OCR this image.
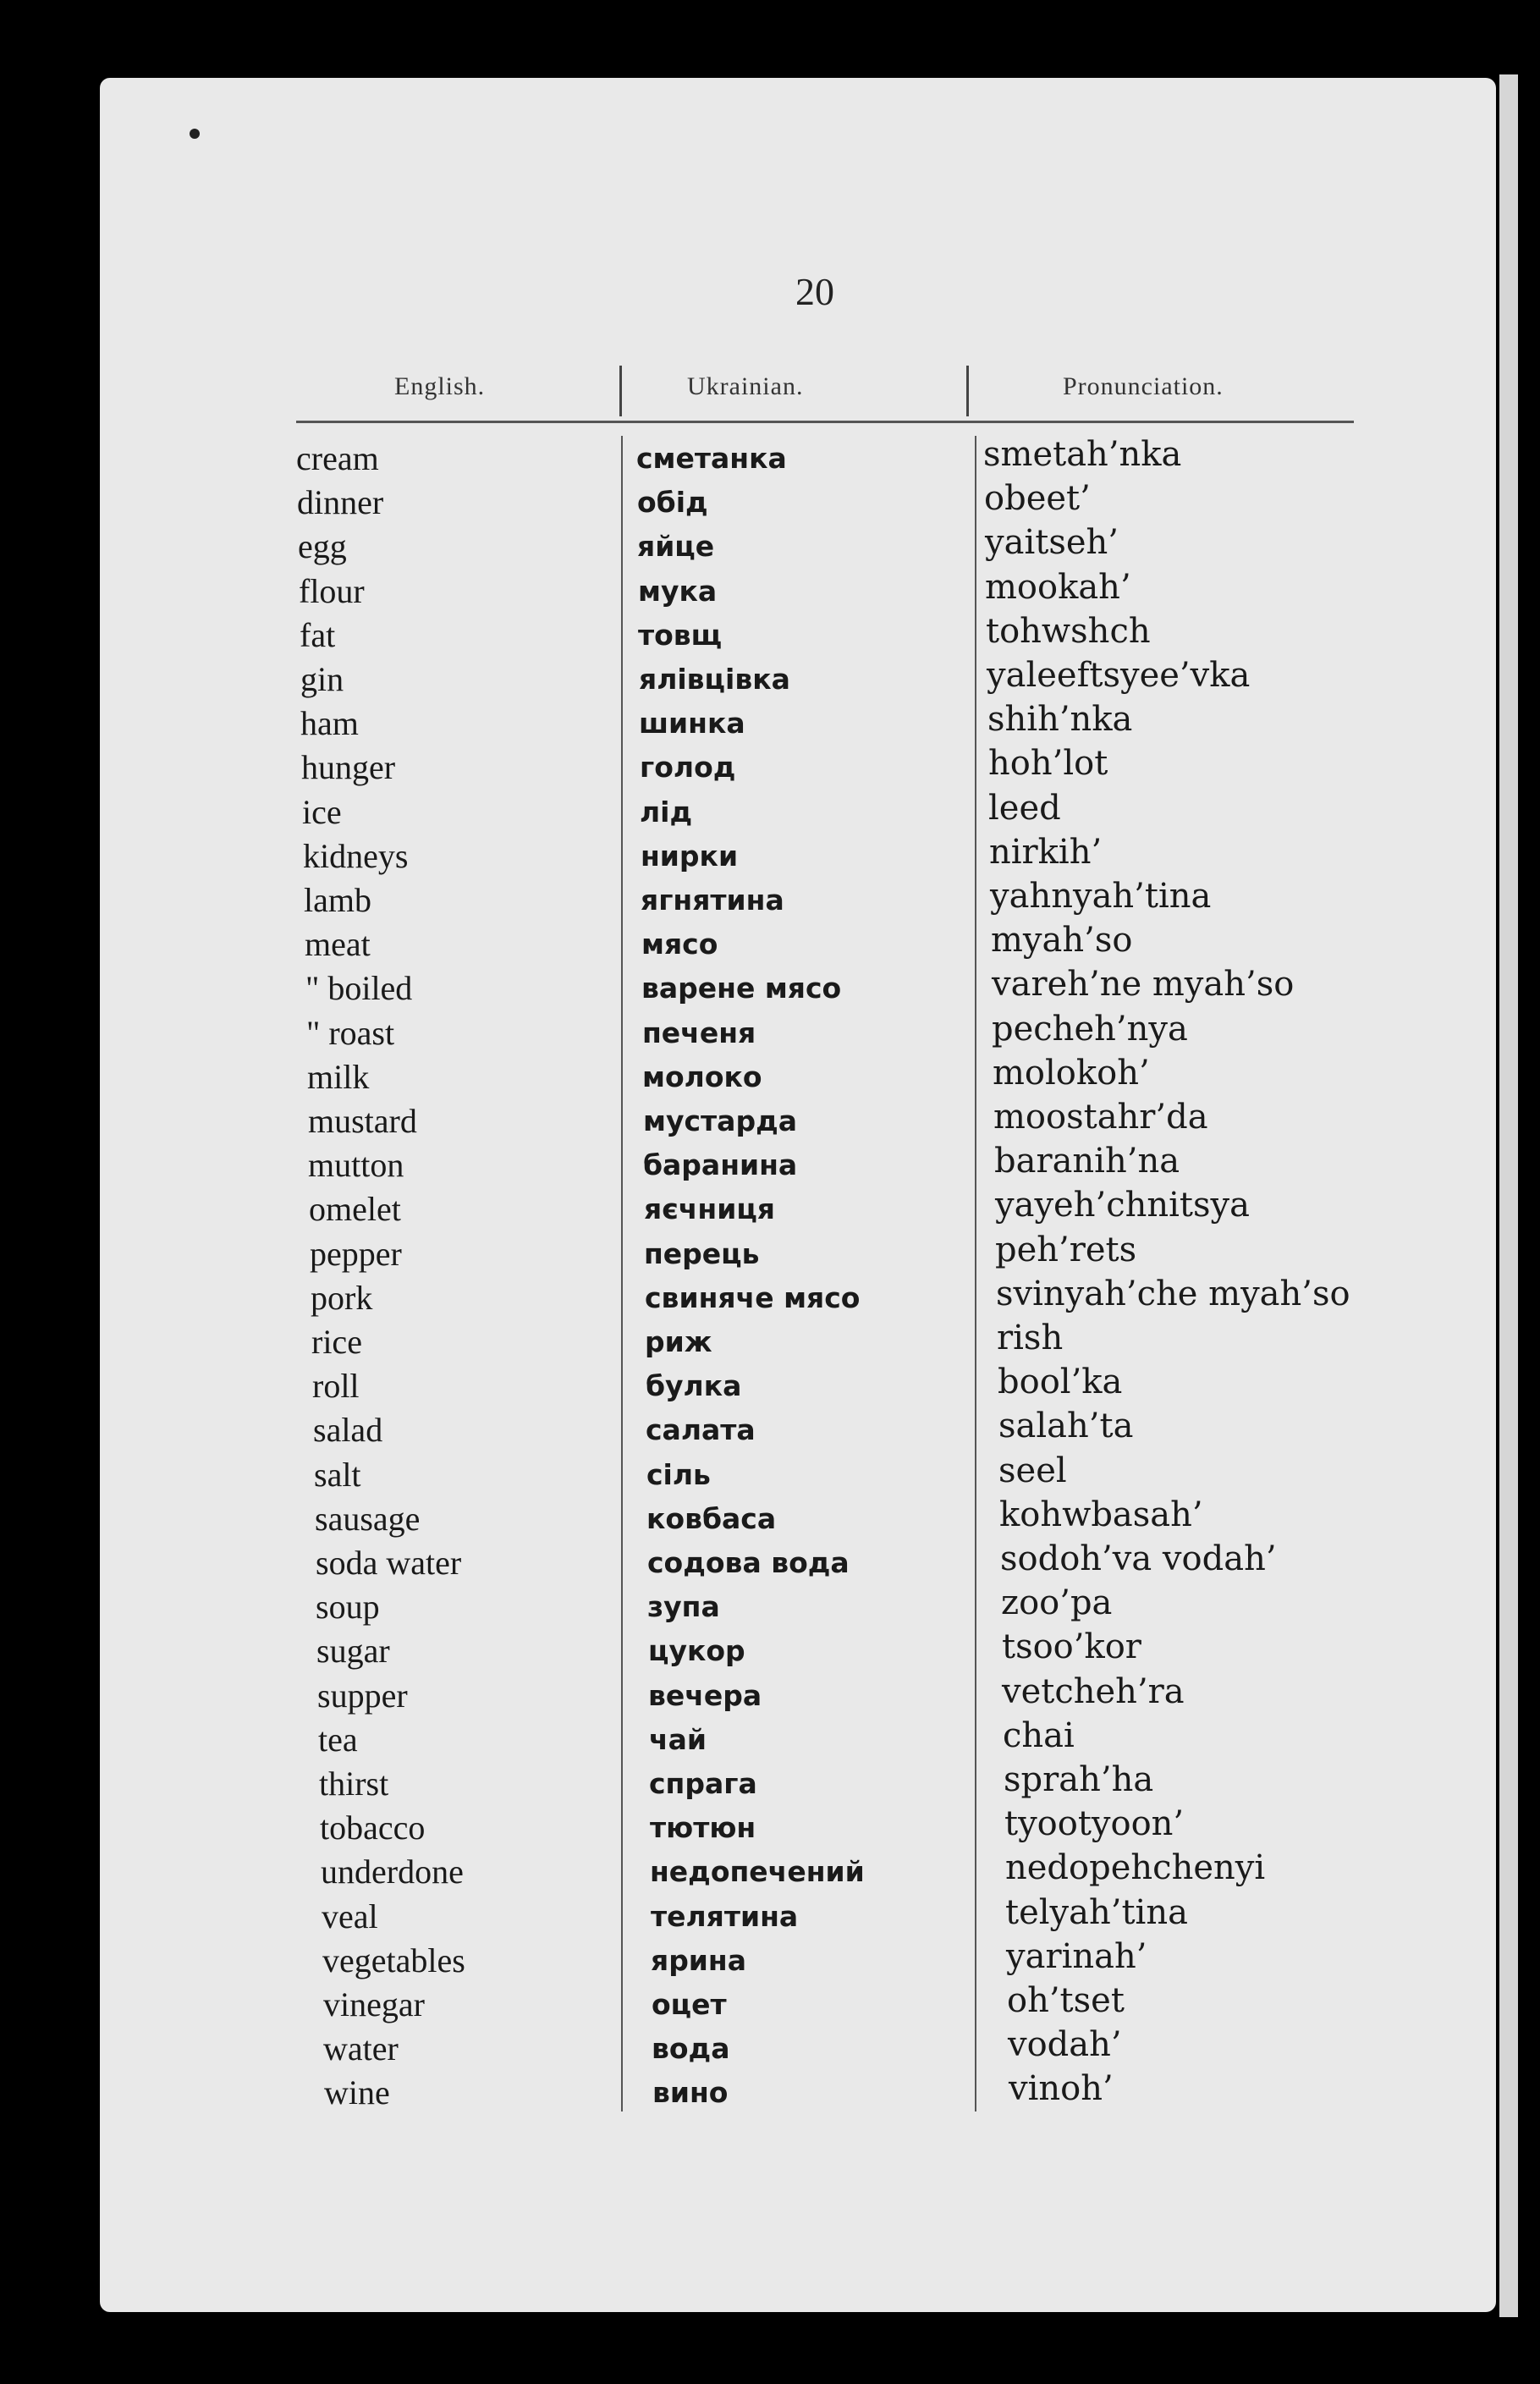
20
English.	Ukrainian.	Pronunciation.
cream	сметанка	smetah’nka
dinner	обід	obeet’
egg	яйце	yaitseh’
flour	мука	mookah’
fat	товщ	tohwshch
gin	ялівцівка	yaleeftsyee’vka
ham	шинка	shih’nka
hunger	голод	hoh’lot
ice	лід	leed
kidneys	нирки	nirkih’
lamb	ягнятина	yahnyah’tina
meat	мясо	myah’so
" boiled	варене мясо	vareh’ne myah’so
" roast	печеня	pecheh’nya
milk	молоко	molokoh’
mustard	мустарда	moostahr’da
mutton	баранина	baranih’na
omelet	яєчниця	yayeh’chnitsya
pepper	перець	peh’rets
pork	свиняче мясо	svinyah’che myah’so
rice	риж	rish
roll	булка	bool’ka
salad	салата	salah’ta
salt	сіль	seel
sausage	ковбаса	kohwbasah’
soda water	содова вода	sodoh’va vodah’
soup	зупа	zoo’pa
sugar	цукор	tsoo’kor
supper	вечера	vetcheh’ra
tea	чай	chai
thirst	спрага	sprah’ha
tobacco	тютюн	tyootyoon’
underdone	недопечений	nedopehchenyi
veal	телятина	telyah’tina
vegetables	ярина	yarinah’
vinegar	оцет	oh’tset
water	вода	vodah’
wine	вино	vinoh’
